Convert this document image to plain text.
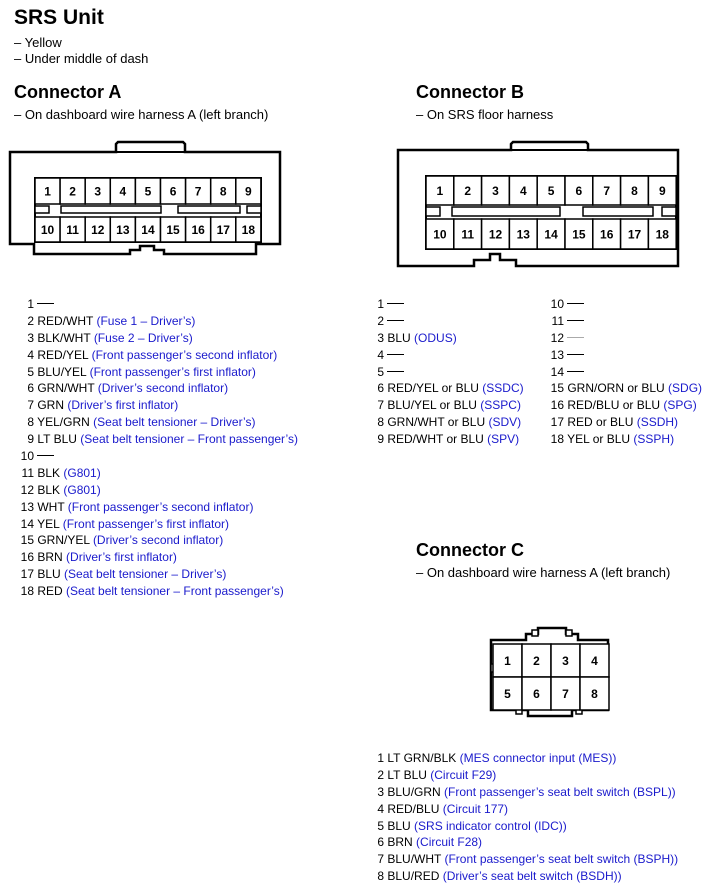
SRS Unit
– Yellow
– Under middle of dash
Connector A
– On dashboard wire harness A (left branch)
1 2 3 4 5 6 7 8 9
10 11 12 13 14 15 16 17 18
1
2 RED/WHT (Fuse 1 – Driver’s)
3 BLK/WHT (Fuse 2 – Driver’s)
4 RED/YEL (Front passenger’s second inflator)
5 BLU/YEL (Front passenger’s first inflator)
6 GRN/WHT (Driver’s second inflator)
7 GRN (Driver’s first inflator)
8 YEL/GRN (Seat belt tensioner – Driver’s)
9 LT BLU (Seat belt tensioner – Front passenger’s)
10
11 BLK (G801)
12 BLK (G801)
13 WHT (Front passenger’s second inflator)
14 YEL (Front passenger’s first inflator)
15 GRN/YEL (Driver’s second inflator)
16 BRN (Driver’s first inflator)
17 BLU (Seat belt tensioner – Driver’s)
18 RED (Seat belt tensioner – Front passenger’s)
Connector B
– On SRS floor harness
1 2 3 4 5 6 7 8 9
10 11 12 13 14 15 16 17 18
1
2
3 BLU (ODUS)
4
5
6 RED/YEL or BLU (SSDC)
7 BLU/YEL or BLU (SSPC)
8 GRN/WHT or BLU (SDV)
9 RED/WHT or BLU (SPV)
10
11
12
13
14
15 GRN/ORN or BLU (SDG)
16 RED/BLU or BLU (SPG)
17 RED or BLU (SSDH)
18 YEL or BLU (SSPH)
Connector C
– On dashboard wire harness A (left branch)
1 2 3 4
5 6 7 8
1 LT GRN/BLK (MES connector input (MES))
2 LT BLU (Circuit F29)
3 BLU/GRN (Front passenger’s seat belt switch (BSPL))
4 RED/BLU (Circuit 177)
5 BLU (SRS indicator control (IDC))
6 BRN (Circuit F28)
7 BLU/WHT (Front passenger’s seat belt switch (BSPH))
8 BLU/RED (Driver’s seat belt switch (BSDH))
